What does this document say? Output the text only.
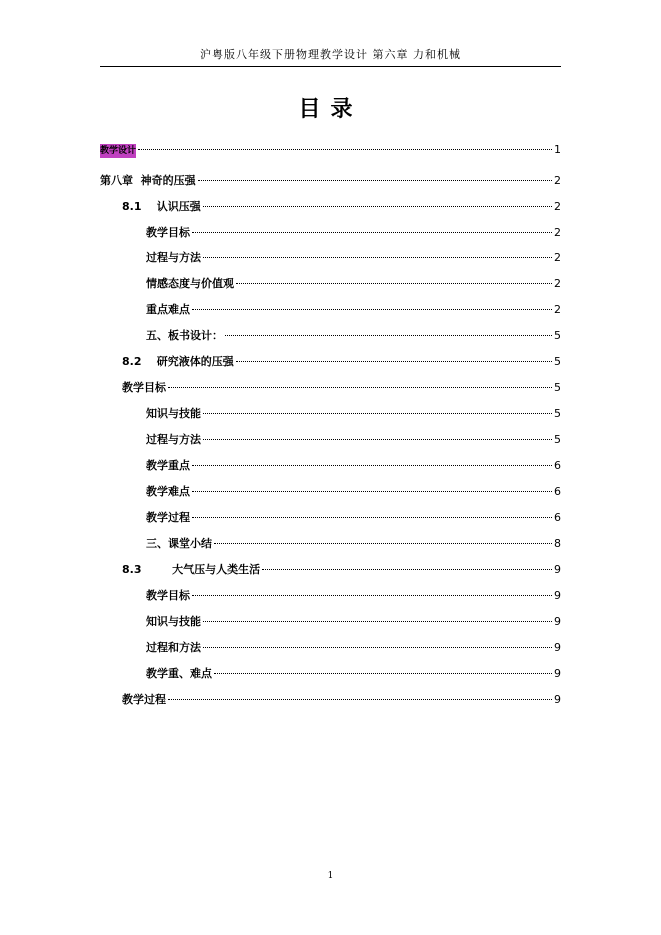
沪粤版八年级下册物理教学设计 第六章 力和机械
目录
教学设计	1
第八章  神奇的压强	2
8.1    认识压强	2
教学目标	2
过程与方法	2
情感态度与价值观	2
重点难点	2
五、板书设计：	5
8.2    研究液体的压强	5
教学目标	5
知识与技能	5
过程与方法	5
教学重点	6
教学难点	6
教学过程	6
三、课堂小结	8
8.3        大气压与人类生活	9
教学目标	9
知识与技能	9
过程和方法	9
教学重、难点	9
教学过程	9
1
